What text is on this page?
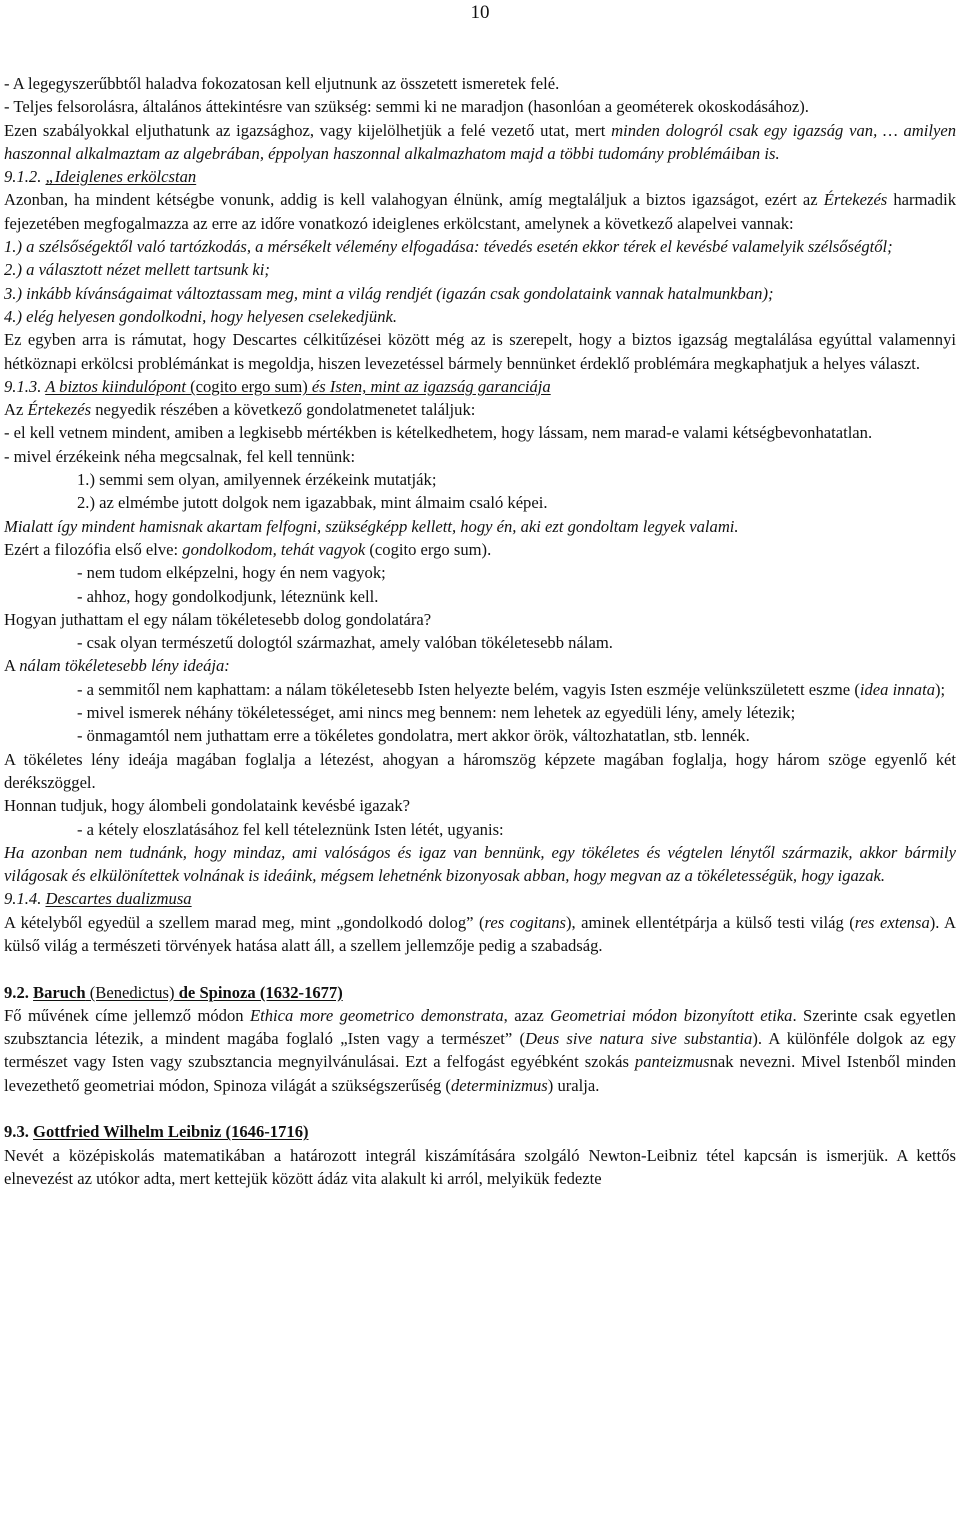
10

- A legegyszerűbbtől haladva fokozatosan kell eljutnunk az összetett ismeretek felé.

- Teljes felsorolásra, általános áttekintésre van szükség: semmi ki ne maradjon (hasonlóan a geométerek okoskodásához).

Ezen szabályokkal eljuthatunk az igazsághoz, vagy kijelölhetjük a felé vezető utat, mert minden dologról csak egy igazság van, … amilyen haszonnal alkalmaztam az algebrában, éppolyan haszonnal alkalmazhatom majd a többi tudomány problémáiban is.

9.1.2. „Ideiglenes erkölcstan

Azonban, ha mindent kétségbe vonunk, addig is kell valahogyan élnünk, amíg megtaláljuk a biztos igazságot, ezért az Értekezés harmadik fejezetében megfogalmazza az erre az időre vonatkozó ideiglenes erkölcstant, amelynek a következő alapelvei vannak:

1.) a szélsőségektől való tartózkodás, a mérsékelt vélemény elfogadása: tévedés esetén ekkor térek el kevésbé valamelyik szélsőségtől;

2.) a választott nézet mellett tartsunk ki;

3.) inkább kívánságaimat változtassam meg, mint a világ rendjét (igazán csak gondolataink vannak hatalmunkban);

4.) elég helyesen gondolkodni, hogy helyesen cselekedjünk.

Ez egyben arra is rámutat, hogy Descartes célkitűzései között még az is szerepelt, hogy a biztos igazság megtalálása egyúttal valamennyi hétköznapi erkölcsi problémánkat is megoldja, hiszen levezetéssel bármely bennünket érdeklő problémára megkaphatjuk a helyes választ.

9.1.3. A biztos kiindulópont (cogito ergo sum) és Isten, mint az igazság garanciája

Az Értekezés negyedik részében a következő gondolatmenetet találjuk:

- el kell vetnem mindent, amiben a legkisebb mértékben is kételkedhetem, hogy lássam, nem marad-e valami kétségbevonhatatlan.

- mivel érzékeink néha megcsalnak, fel kell tennünk:

1.) semmi sem olyan, amilyennek érzékeink mutatják;

2.) az elmémbe jutott dolgok nem igazabbak, mint álmaim csaló képei.

Mialatt így mindent hamisnak akartam felfogni, szükségképp kellett, hogy én, aki ezt gondoltam legyek valami.

Ezért a filozófia első elve: gondolkodom, tehát vagyok (cogito ergo sum).

- nem tudom elképzelni, hogy én nem vagyok;

- ahhoz, hogy gondolkodjunk, léteznünk kell.

Hogyan juthattam el egy nálam tökéletesebb dolog gondolatára?

- csak olyan természetű dologtól származhat, amely valóban tökéletesebb nálam.

A nálam tökéletesebb lény ideája:

- a semmitől nem kaphattam: a nálam tökéletesebb Isten helyezte belém, vagyis Isten eszméje velünkszületett eszme (idea innata);

- mivel ismerek néhány tökéletességet, ami nincs meg bennem: nem lehetek az egyedüli lény, amely létezik;

- önmagamtól nem juthattam erre a tökéletes gondolatra, mert akkor örök, változhatatlan, stb. lennék.

A tökéletes lény ideája magában foglalja a létezést, ahogyan a háromszög képzete magában foglalja, hogy három szöge egyenlő két derékszöggel.

Honnan tudjuk, hogy álombeli gondolataink kevésbé igazak?

- a kétely eloszlatásához fel kell tételeznünk Isten létét, ugyanis:

Ha azonban nem tudnánk, hogy mindaz, ami valóságos és igaz van bennünk, egy tökéletes és végtelen lénytől származik, akkor bármily világosak és elkülönítettek volnának is ideáink, mégsem lehetnénk bizonyosak abban, hogy megvan az a tökéletességük, hogy igazak.

9.1.4. Descartes dualizmusa

A kételyből egyedül a szellem marad meg, mint „gondolkodó dolog” (res cogitans), aminek ellentétpárja a külső testi világ (res extensa). A külső világ a természeti törvények hatása alatt áll, a szellem jellemzője pedig a szabadság.

9.2. Baruch (Benedictus) de Spinoza (1632-1677)

Fő művének címe jellemző módon Ethica more geometrico demonstrata, azaz Geometriai módon bizonyított etika. Szerinte csak egyetlen szubsztancia létezik, a mindent magába foglaló „Isten vagy a természet” (Deus sive natura sive substantia). A különféle dolgok az egy természet vagy Isten vagy szubsztancia megnyilvánulásai. Ezt a felfogást egyébként szokás panteizmusnak nevezni. Mivel Istenből minden levezethető geometriai módon, Spinoza világát a szükségszerűség (determinizmus) uralja.

9.3. Gottfried Wilhelm Leibniz (1646-1716)

Nevét a középiskolás matematikában a határozott integrál kiszámítására szolgáló Newton-Leibniz tétel kapcsán is ismerjük. A kettős elnevezést az utókor adta, mert kettejük között ádáz vita alakult ki arról, melyikük fedezte
